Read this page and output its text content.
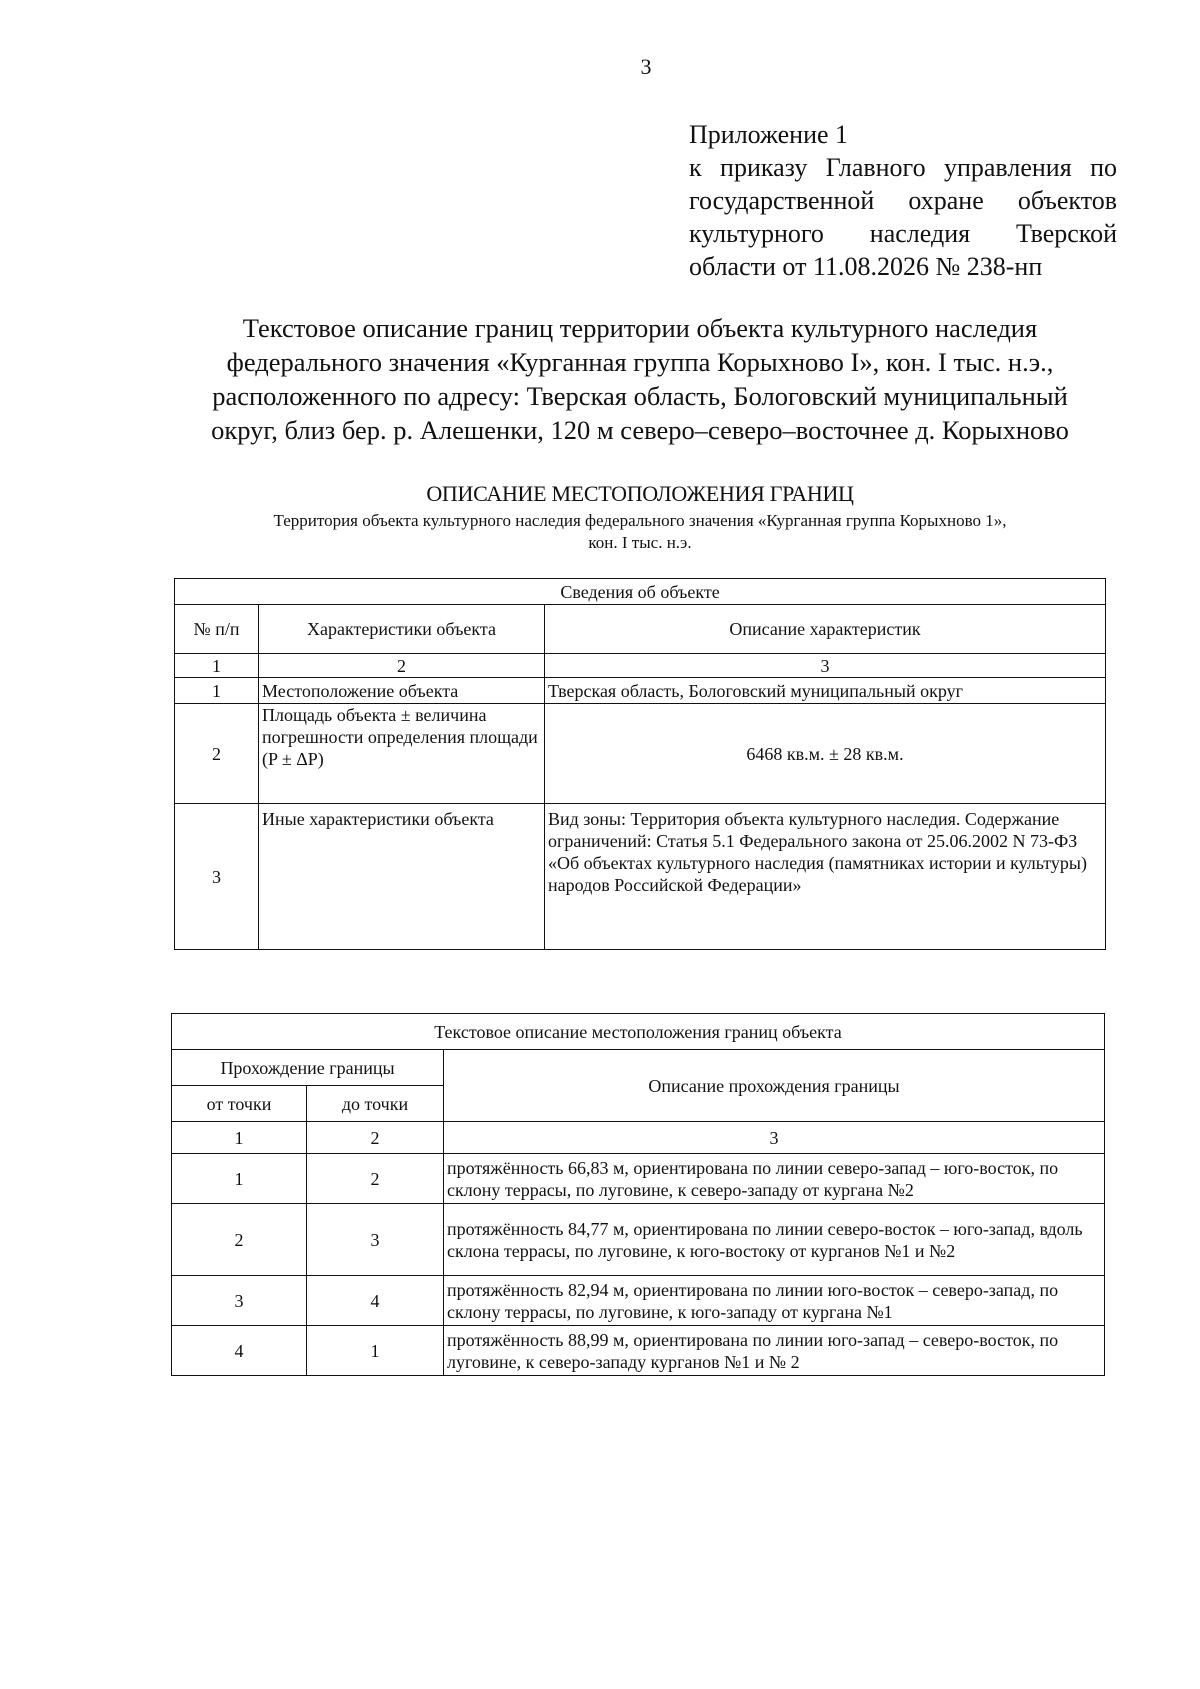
3
Приложение 1
к приказу Главного управления по
государственной охране объектов
культурного наследия Тверской
области от 11.08.2026 № 238-нп
Текстовое описание границ территории объекта культурного наследия
федерального значения «Курганная группа Корыхново I», кон. I тыс. н.э.,
расположенного по адресу: Тверская область, Бологовский муниципальный
округ, близ бер. р. Алешенки, 120 м северо–северо–восточнее д. Корыхново
ОПИСАНИЕ МЕСТОПОЛОЖЕНИЯ ГРАНИЦ
Территория объекта культурного наследия федерального значения «Курганная группа Корыхново 1»,
кон. I тыс. н.э.
Сведения об объекте		
№ п/п	Характеристики объекта	Описание характеристик
1	2	3
1	Местоположение объекта	Тверская область, Бологовский муниципальный округ
2	Площадь объекта ± величина погрешности определения площади (P ± ΔP)	6468 кв.м. ± 28 кв.м.
3	Иные характеристики объекта	Вид зоны: Территория объекта культурного наследия. Содержание ограничений: Статья 5.1 Федерального закона от 25.06.2002 N 73-ФЗ «Об объектах культурного наследия (памятниках истории и культуры) народов Российской Федерации»
Текстовое описание местоположения границ объекта		
Прохождение границы		Описание прохождения границы
от точки	до точки	
1	2	3
1	2	протяжённость 66,83 м, ориентирована по линии северо-запад – юго-восток, по склону террасы, по луговине, к северо-западу от кургана №2
2	3	протяжённость 84,77 м, ориентирована по линии северо-восток – юго-запад, вдоль склона террасы, по луговине, к юго-востоку от курганов №1 и №2
3	4	протяжённость 82,94 м, ориентирована по линии юго-восток – северо-запад, по склону террасы, по луговине, к юго-западу от кургана №1
4	1	протяжённость 88,99 м, ориентирована по линии юго-запад – северо-восток, по луговине, к северо-западу курганов №1 и № 2
